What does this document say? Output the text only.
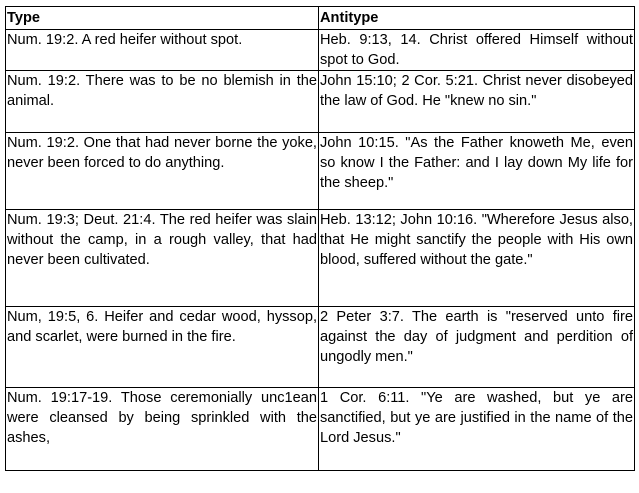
Type	Antitype
Num. 19:2. A red heifer without spot.	Heb. 9:13, 14. Christ offered Himself without spot to God.
Num. 19:2. There was to be no blemish in the animal.	John 15:10; 2 Cor. 5:21. Christ never disobeyed the law of God. He "knew no sin."
Num. 19:2. One that had never borne the yoke, never been forced to do anything.	John 10:15. "As the Father knoweth Me, even so know I the Father: and I lay down My life for the sheep."
Num. 19:3; Deut. 21:4. The red heifer was slain without the camp, in a rough valley, that had never been cultivated.	Heb. 13:12; John 10:16. "Wherefore Jesus also, that He might sanctify the people with His own blood, suffered without the gate."
Num, 19:5, 6. Heifer and cedar wood, hyssop, and scarlet, were burned in the fire.	2 Peter 3:7. The earth is "reserved unto fire against the day of judgment and perdition of ungodly men."
Num. 19:17-19. Those ceremonially unc1ean were cleansed by being sprinkled with the ashes,	1 Cor. 6:11. "Ye are washed, but ye are sanctified, but ye are justified in the name of the Lord Jesus."
